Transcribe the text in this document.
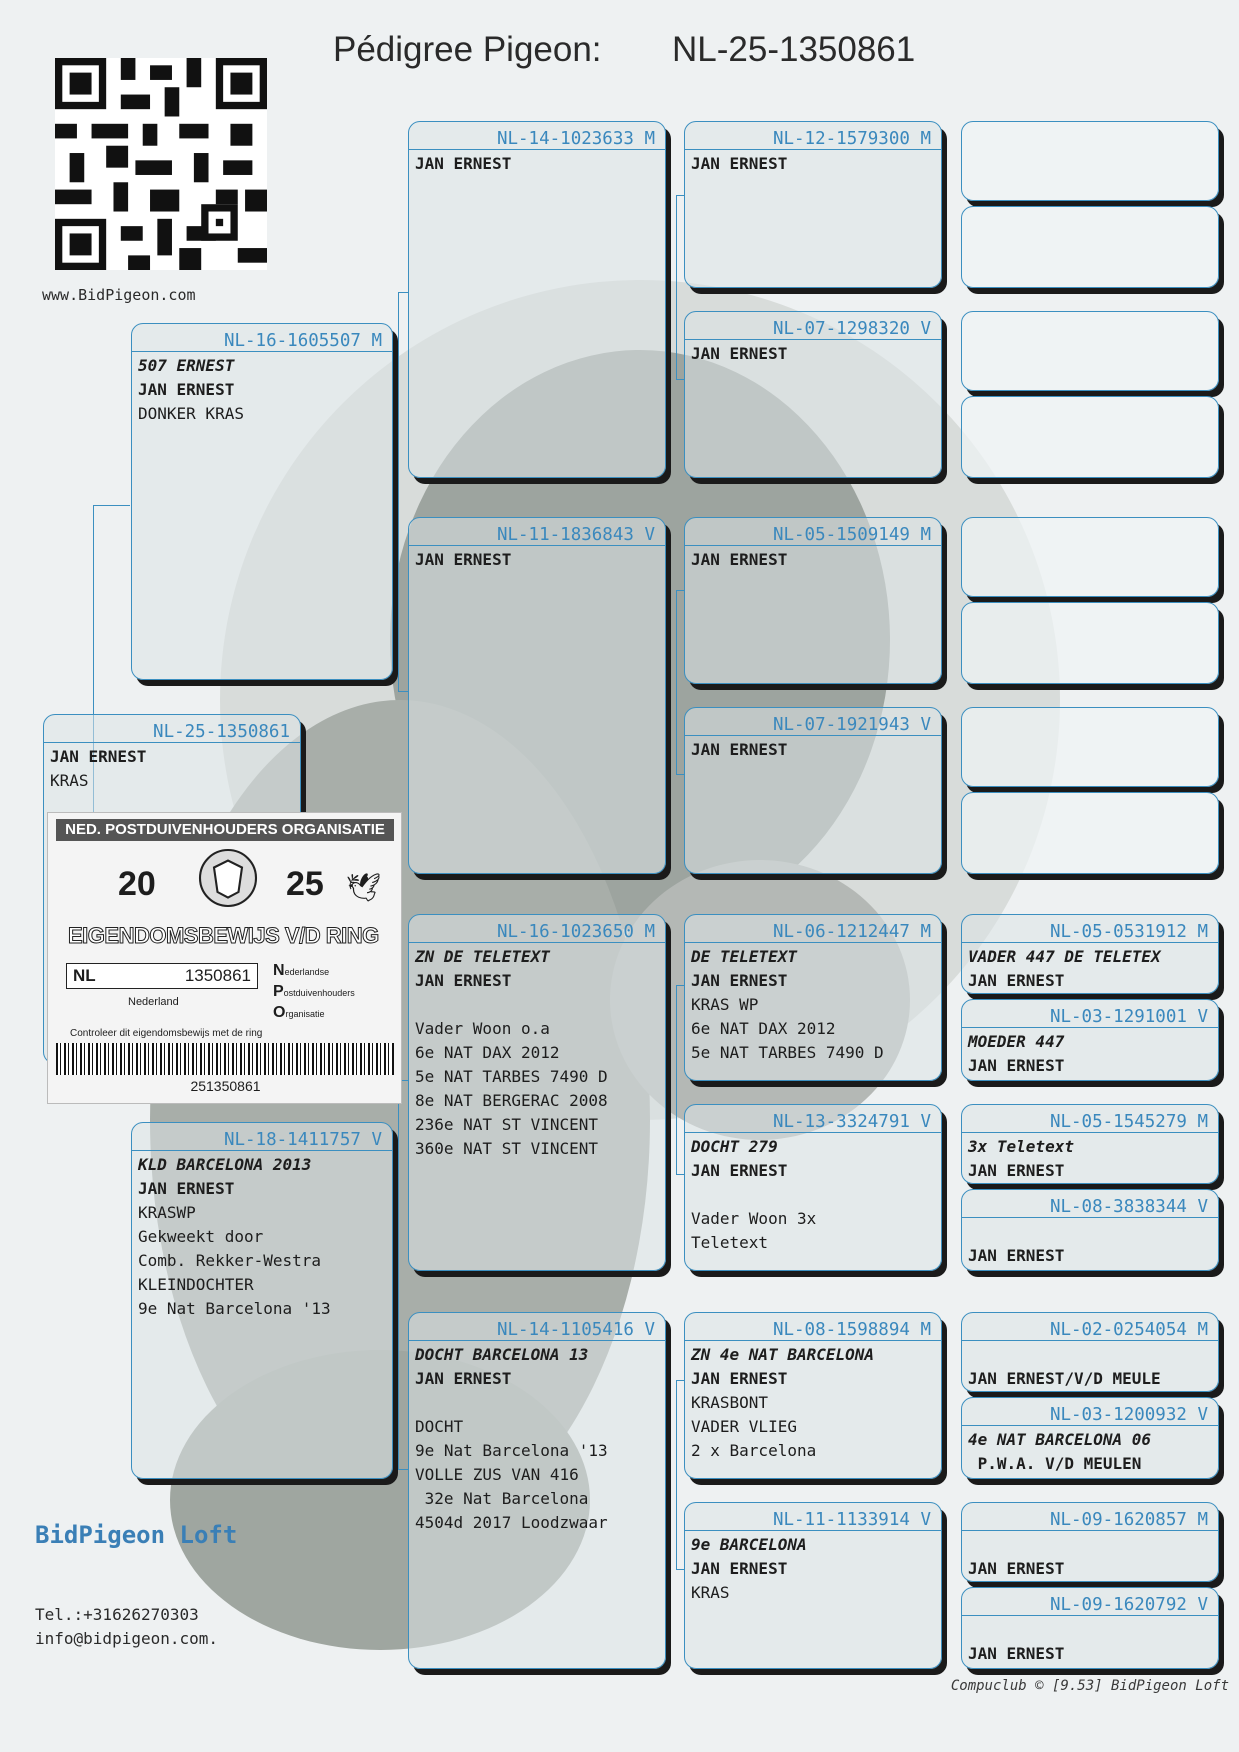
Pédigree Pigeon: NL-25-1350861
www.BidPigeon.com
NL-25-1350861
JAN ERNEST
KRAS
NL-16-1605507 M
507 ERNEST
JAN ERNEST
DONKER KRAS
NL-18-1411757 V
KLD BARCELONA 2013
JAN ERNEST
KRASWP
Gekweekt door
Comb. Rekker-Westra
KLEINDOCHTER
9e Nat Barcelona '13
NL-14-1023633 M
JAN ERNEST
NL-11-1836843 V
JAN ERNEST
NL-16-1023650 M
ZN DE TELETEXT
JAN ERNEST
Vader Woon o.a
6e NAT DAX 2012
5e NAT TARBES 7490 D
8e NAT BERGERAC 2008
236e NAT ST VINCENT
360e NAT ST VINCENT
NL-14-1105416 V
DOCHT BARCELONA 13
JAN ERNEST
DOCHT
9e Nat Barcelona '13
VOLLE ZUS VAN 416
32e Nat Barcelona
4504d 2017 Loodzwaar
NL-12-1579300 M
JAN ERNEST
NL-07-1298320 V
JAN ERNEST
NL-05-1509149 M
JAN ERNEST
NL-07-1921943 V
JAN ERNEST
NL-06-1212447 M
DE TELETEXT
JAN ERNEST
KRAS WP
6e NAT DAX 2012
5e NAT TARBES 7490 D
NL-13-3324791 V
DOCHT 279
JAN ERNEST
Vader Woon 3x
Teletext
NL-08-1598894 M
ZN 4e NAT BARCELONA
JAN ERNEST
KRASBONT
VADER VLIEG
2 x Barcelona
NL-11-1133914 V
9e BARCELONA
JAN ERNEST
KRAS
NL-05-0531912 M
VADER 447 DE TELETEX
JAN ERNEST
NL-03-1291001 V
MOEDER 447
JAN ERNEST
NL-05-1545279 M
3x Teletext
JAN ERNEST
NL-08-3838344 V
JAN ERNEST
NL-02-0254054 M
JAN ERNEST/V/D MEULE
NL-03-1200932 V
4e NAT BARCELONA 06
P.W.A. V/D MEULEN
NL-09-1620857 M
JAN ERNEST
NL-09-1620792 V
JAN ERNEST
NED. POSTDUIVENHOUDERS ORGANISATIE
20	25 🕊
EIGENDOMSBEWIJS V/D RING
NL	1350861
Nederland
Nederlandse
Postduivenhouders
Organisatie
Controleer dit eigendomsbewijs met de ring
251350861
BidPigeon Loft
Tel.:+31626270303
info@bidpigeon.com.
Compuclub © [9.53] BidPigeon Loft
